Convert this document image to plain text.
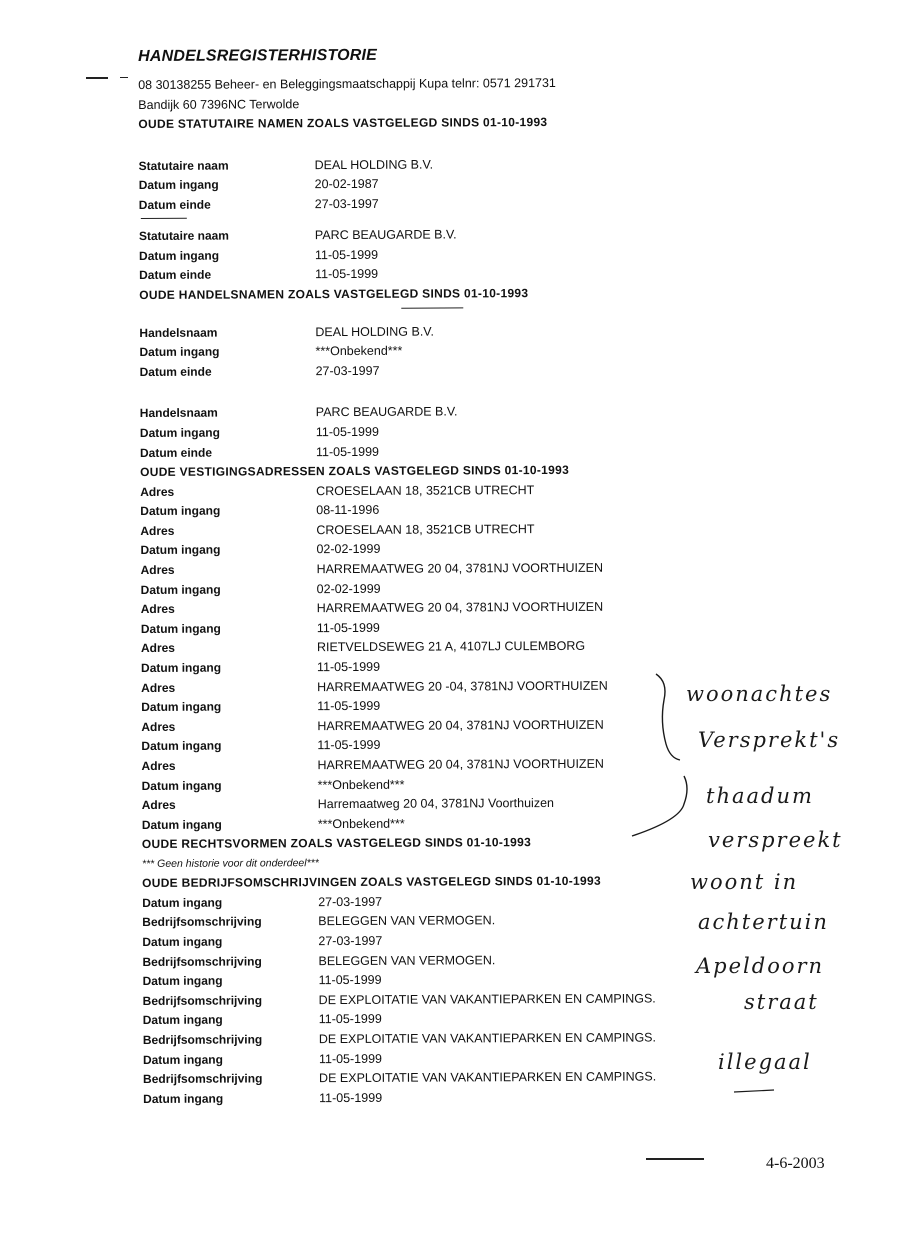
HANDELSREGISTERHISTORIE
08 30138255 Beheer- en Beleggingsmaatschappij Kupa telnr: 0571 291731
Bandijk 60 7396NC Terwolde
OUDE STATUTAIRE NAMEN ZOALS VASTGELEGD SINDS 01-10-1993
Statutaire naam	DEAL HOLDING B.V.
Datum ingang	20-02-1987
Datum einde	27-03-1997
Statutaire naam	PARC BEAUGARDE B.V.
Datum ingang	11-05-1999
Datum einde	11-05-1999
OUDE HANDELSNAMEN ZOALS VASTGELEGD SINDS 01-10-1993
Handelsnaam	DEAL HOLDING B.V.
Datum ingang	***Onbekend***
Datum einde	27-03-1997
Handelsnaam	PARC BEAUGARDE B.V.
Datum ingang	11-05-1999
Datum einde	11-05-1999
OUDE VESTIGINGSADRESSEN ZOALS VASTGELEGD SINDS 01-10-1993
Adres	CROESELAAN 18, 3521CB UTRECHT
Datum ingang	08-11-1996
Adres	CROESELAAN 18, 3521CB UTRECHT
Datum ingang	02-02-1999
Adres	HARREMAATWEG 20 04, 3781NJ VOORTHUIZEN
Datum ingang	02-02-1999
Adres	HARREMAATWEG 20 04, 3781NJ VOORTHUIZEN
Datum ingang	11-05-1999
Adres	RIETVELDSEWEG 21 A, 4107LJ CULEMBORG
Datum ingang	11-05-1999
Adres	HARREMAATWEG 20 -04, 3781NJ VOORTHUIZEN
Datum ingang	11-05-1999
Adres	HARREMAATWEG 20 04, 3781NJ VOORTHUIZEN
Datum ingang	11-05-1999
Adres	HARREMAATWEG 20 04, 3781NJ VOORTHUIZEN
Datum ingang	***Onbekend***
Adres	Harremaatweg 20 04, 3781NJ Voorthuizen
Datum ingang	***Onbekend***
OUDE RECHTSVORMEN ZOALS VASTGELEGD SINDS 01-10-1993
*** Geen historie voor dit onderdeel***
OUDE BEDRIJFSOMSCHRIJVINGEN ZOALS VASTGELEGD SINDS 01-10-1993
Datum ingang	27-03-1997
Bedrijfsomschrijving	BELEGGEN VAN VERMOGEN.
Datum ingang	27-03-1997
Bedrijfsomschrijving	BELEGGEN VAN VERMOGEN.
Datum ingang	11-05-1999
Bedrijfsomschrijving	DE EXPLOITATIE VAN VAKANTIEPARKEN EN CAMPINGS.
Datum ingang	11-05-1999
Bedrijfsomschrijving	DE EXPLOITATIE VAN VAKANTIEPARKEN EN CAMPINGS.
Datum ingang	11-05-1999
Bedrijfsomschrijving	DE EXPLOITATIE VAN VAKANTIEPARKEN EN CAMPINGS.
Datum ingang	11-05-1999
woonachtes
Versprekt's
thaadum
verspreekt
woont in
achtertuin
Apeldoorn
straat
illegaal
4-6-2003
